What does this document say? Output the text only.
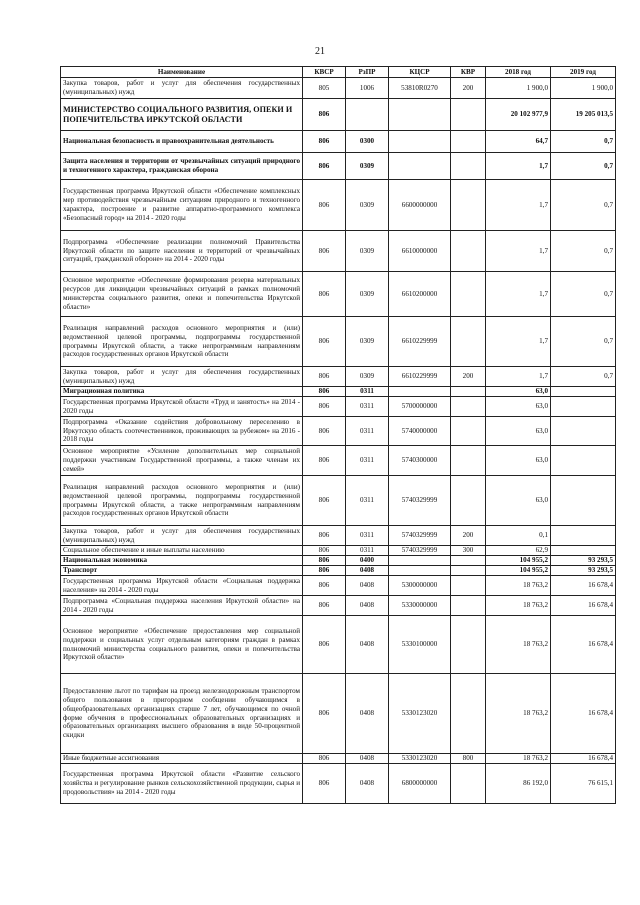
21
Наименование	КВСР	РзПР	КЦСР	КВР	2018 год	2019 год
Закупка товаров, работ и услуг для обеспечения государственных (муниципальных) нужд	805	1006	53810R0270	200	1 900,0	1 900,0
МИНИСТЕРСТВО СОЦИАЛЬНОГО РАЗВИТИЯ, ОПЕКИ И ПОПЕЧИТЕЛЬСТВА ИРКУТСКОЙ ОБЛАСТИ	806				20 102 977,9	19 205 013,5
Национальная безопасность и правоохранительная деятельность	806	0300			64,7	0,7
Защита населения и территории от чрезвычайных ситуаций природного и техногенного характера, гражданская оборона	806	0309			1,7	0,7
Государственная программа Иркутской области «Обеспечение комплексных мер противодействия чрезвычайным ситуациям природного и техногенного характера, построение и развитие аппаратно-программного комплекса «Безопасный город» на 2014 - 2020 годы	806	0309	6600000000		1,7	0,7
Подпрограмма «Обеспечение реализации полномочий Правительства Иркутской области по защите населения и территорий от чрезвычайных ситуаций, гражданской обороне» на 2014 - 2020 годы	806	0309	6610000000		1,7	0,7
Основное мероприятие «Обеспечение формирования резерва материальных ресурсов для ликвидации чрезвычайных ситуаций в рамках полномочий министерства социального развития, опеки и попечительства Иркутской области»	806	0309	6610200000		1,7	0,7
Реализация направлений расходов основного мероприятия и (или) ведомственной целевой программы, подпрограммы государственной программы Иркутской области, а также непрограммным направлениям расходов государственных органов Иркутской области	806	0309	6610229999		1,7	0,7
Закупка товаров, работ и услуг для обеспечения государственных (муниципальных) нужд	806	0309	6610229999	200	1,7	0,7
Миграционная политика	806	0311			63,0	
Государственная программа Иркутской области «Труд и занятость» на 2014 - 2020 годы	806	0311	5700000000		63,0	
Подпрограмма «Оказание содействия добровольному переселению в Иркутскую область соотечественников, проживающих за рубежом» на 2016 - 2018 годы	806	0311	5740000000		63,0	
Основное мероприятие «Усиление дополнительных мер социальной поддержки участникам Государственной программы, а также членам их семей»	806	0311	5740300000		63,0	
Реализация направлений расходов основного мероприятия и (или) ведомственной целевой программы, подпрограммы государственной программы Иркутской области, а также непрограммным направлениям расходов государственных органов Иркутской области	806	0311	5740329999		63,0	
Закупка товаров, работ и услуг для обеспечения государственных (муниципальных) нужд	806	0311	5740329999	200	0,1	
Социальное обеспечение и иные выплаты населению	806	0311	5740329999	300	62,9	
Национальная экономика	806	0400			104 955,2	93 293,5
Транспорт	806	0408			104 955,2	93 293,5
Государственная программа Иркутской области «Социальная поддержка населения» на 2014 - 2020 годы	806	0408	5300000000		18 763,2	16 678,4
Подпрограмма «Социальная поддержка населения Иркутской области» на 2014 - 2020 годы	806	0408	5330000000		18 763,2	16 678,4
Основное мероприятие «Обеспечение предоставления мер социальной поддержки и социальных услуг отдельным категориям граждан в рамках полномочий министерства социального развития, опеки и попечительства Иркутской области»	806	0408	5330100000		18 763,2	16 678,4
Предоставление льгот по тарифам на проезд железнодорожным транспортом общего пользования в пригородном сообщении обучающимся в общеобразовательных организациях старше 7 лет, обучающимся по очной форме обучения в профессиональных образовательных организациях и образовательных организациях высшего образования в виде 50-процентной скидки	806	0408	5330123020		18 763,2	16 678,4
Иные бюджетные ассигнования	806	0408	5330123020	800	18 763,2	16 678,4
Государственная программа Иркутской области «Развитие сельского хозяйства и регулирование рынков сельскохозяйственной продукции, сырья и продовольствия» на 2014 - 2020 годы	806	0408	6800000000		86 192,0	76 615,1
